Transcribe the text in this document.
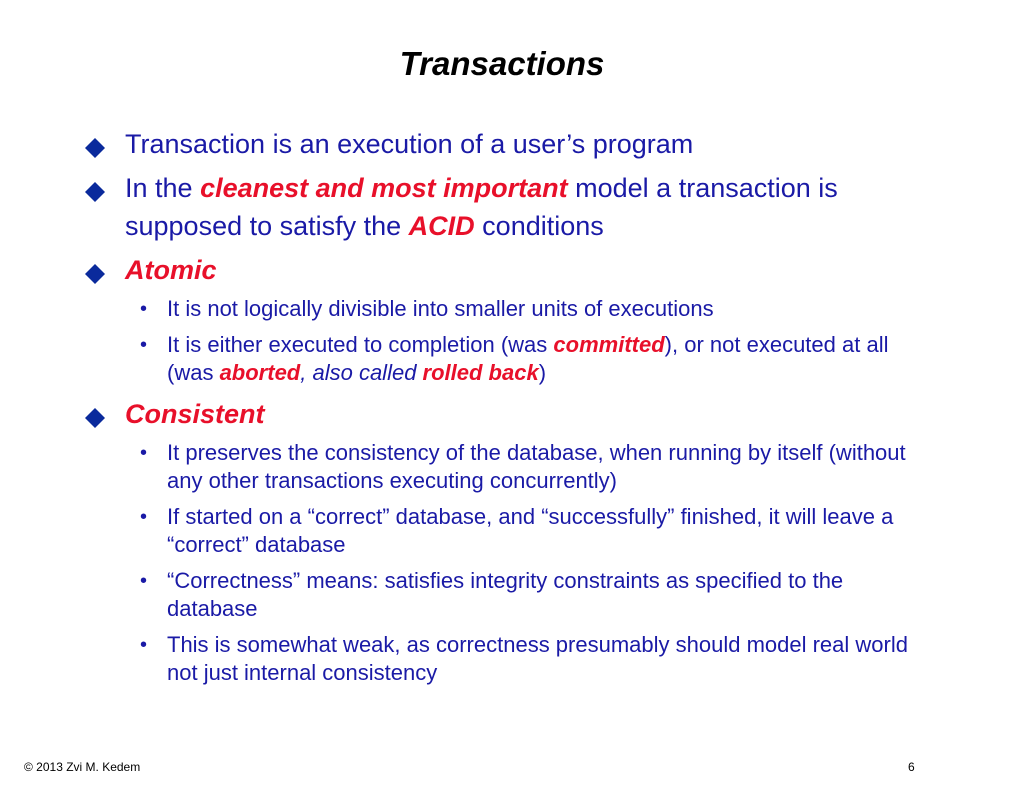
Transactions
Transaction is an execution of a user’s program
In the cleanest and most important model a transaction is supposed to satisfy the ACID conditions
Atomic
• It is not logically divisible into smaller units of executions
• It is either executed to completion (was committed), or not executed at all (was aborted, also called rolled back)
Consistent
• It preserves the consistency of the database, when running by itself (without any other transactions executing concurrently)
• If started on a “correct” database, and “successfully” finished, it will leave a “correct” database
• “Correctness” means: satisfies integrity constraints as specified to the database
• This is somewhat weak, as correctness presumably should model real world not just internal consistency
© 2013 Zvi M. Kedem	6
